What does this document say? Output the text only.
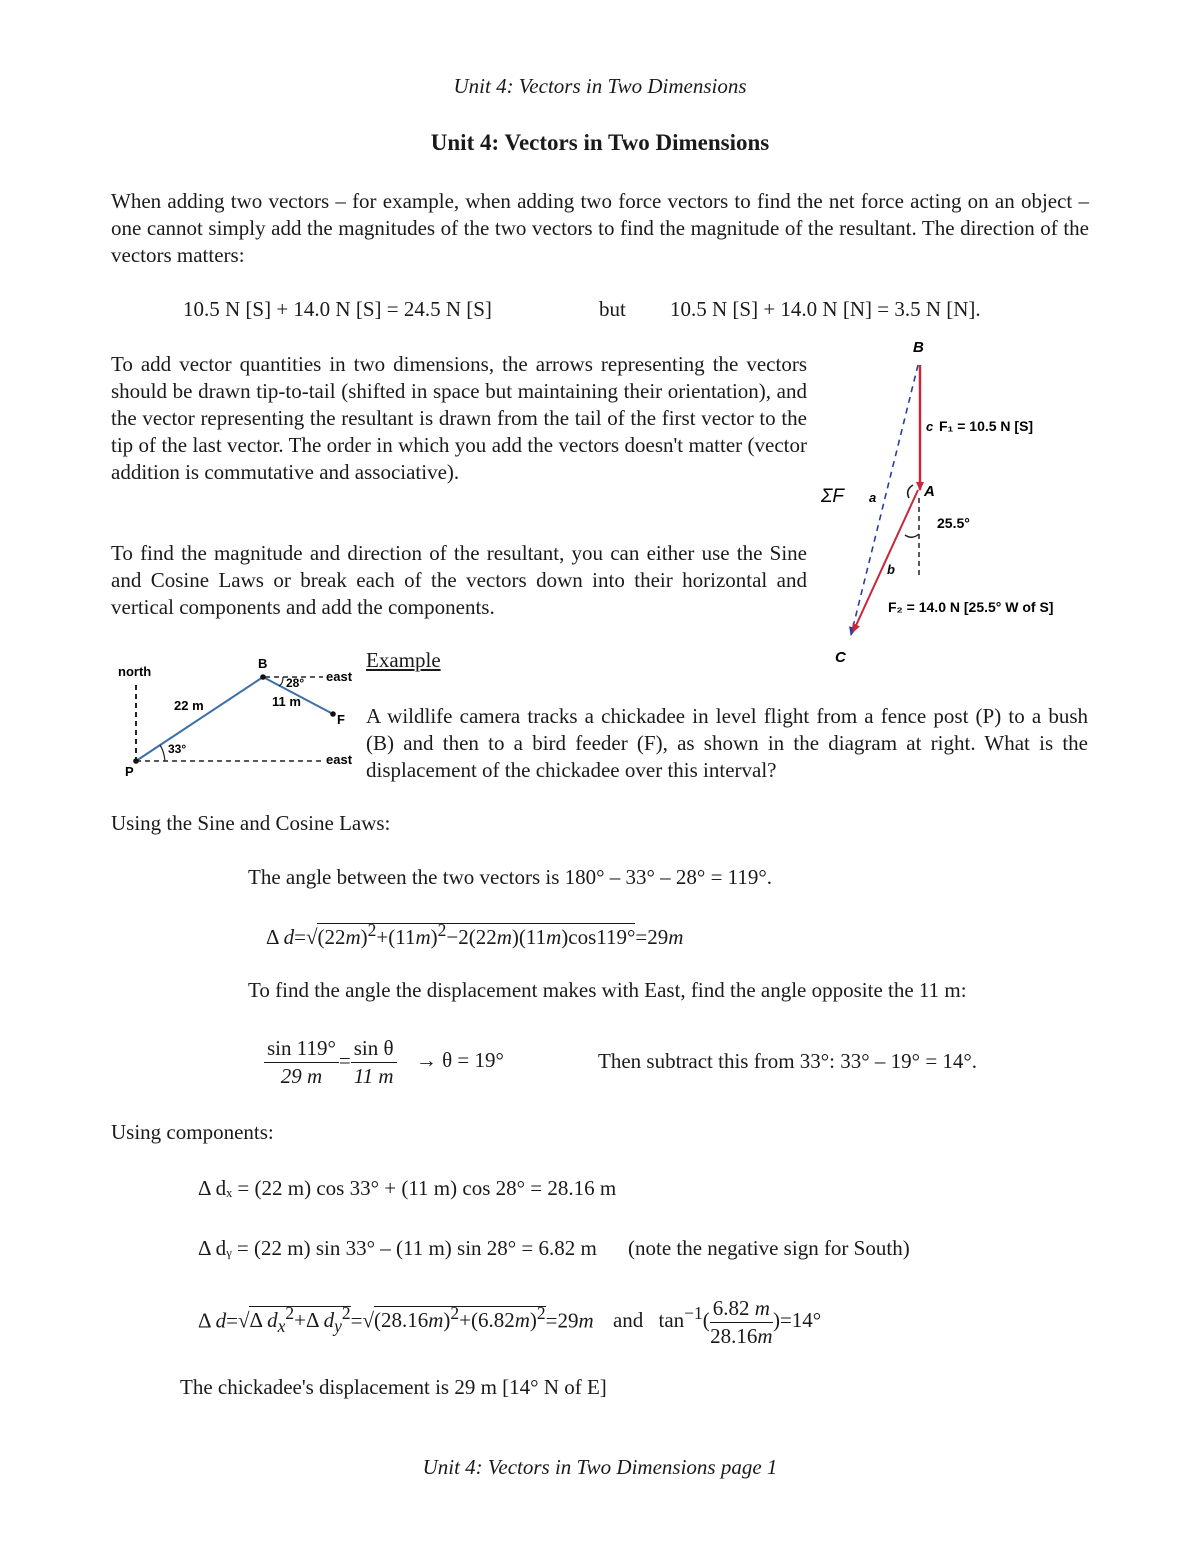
Unit 4: Vectors in Two Dimensions
Unit 4: Vectors in Two Dimensions
When adding two vectors – for example, when adding two force vectors to find the net force acting on an object – one cannot simply add the magnitudes of the two vectors to find the magnitude of the resultant. The direction of the vectors matters:
10.5 N [S] + 14.0 N [S] = 24.5 N [S]	but 10.5 N [S] + 14.0 N [N] = 3.5 N [N].
To add vector quantities in two dimensions, the arrows representing the vectors should be drawn tip-to-tail (shifted in space but maintaining their orientation), and the vector representing the resultant is drawn from the tail of the first vector to the tip of the last vector. The order in which you add the vectors doesn't matter (vector addition is commutative and associative).
To find the magnitude and direction of the resultant, you can either use the Sine and Cosine Laws or break each of the vectors down into their horizontal and vertical components and add the components.
B
A
C
c
a
b
ΣF
F₁ = 10.5 N [S]
25.5°
F₂ = 14.0 N [25.5° W of S]
north
B
P
F
east
east
28°
33°
22 m	11 m
Example
A wildlife camera tracks a chickadee in level flight from a fence post (P) to a bush (B) and then to a bird feeder (F), as shown in the diagram at right. What is the displacement of the chickadee over this interval?
Using the Sine and Cosine Laws:
The angle between the two vectors is 180° – 33° – 28° = 119°.
Δ $d=√(22m)^2+(11m)^2-2(22m)(11m)\cos 119^\circ=29m$
To find the angle the displacement makes with East, find the angle opposite the 11 m:
$\frac{\sin 119^\circ}{29 m} = \frac{\text{sin θ}}{11 m} \to \theta = 19^\circ$	Then subtract this from 33°: 33° – 19° = 14°.
Using components:
Δ dₓ = (22 m) cos 33° + (11 m) cos 28° = 28.16 m
Δ dᵧ = (22 m) sin 33° – (11 m) sin 28° = 6.82 m (note the negative sign for South)
Δ d=√Δ $d_x^2+\Delta$ $d_y^2=√(28.16m)^2+(6.82m)^2=29m$ and $\tan^{-1}( \frac{6.82 m}{28.16m} )=14^\circ$
The chickadee's displacement is 29 m [14° N of E]
Unit 4: Vectors in Two Dimensions page 1
